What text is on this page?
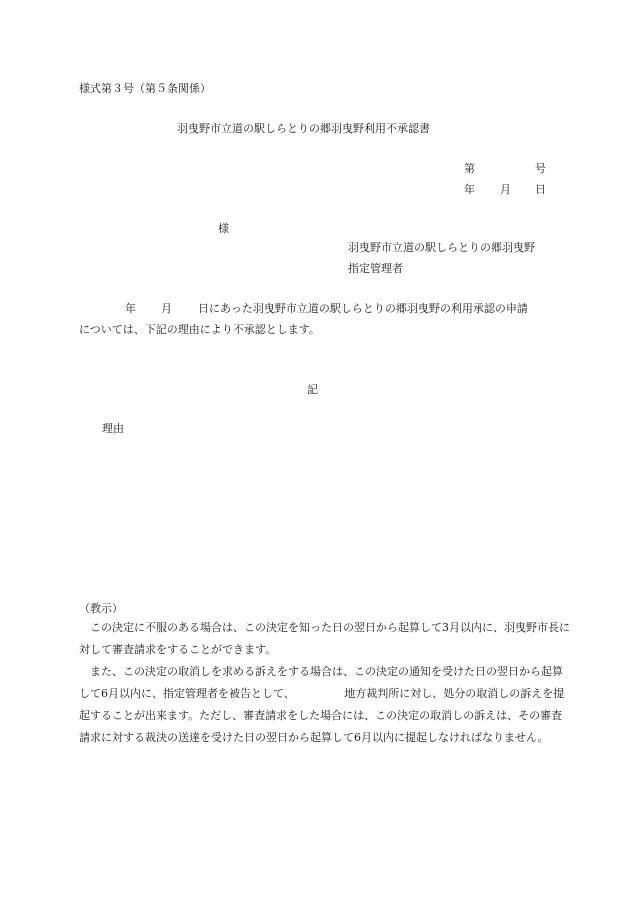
様式第３号（第５条関係）
羽曳野市立道の駅しらとりの郷羽曳野利用不承認書
第	号
年 月 日
様
羽曳野市立道の駅しらとりの郷羽曳野
指定管理者
年 月 日にあった羽曳野市立道の駅しらとりの郷羽曳野の利用承認の申請
については、下記の理由により不承認とします。
記
理由
（教示）
　この決定に不服のある場合は、この決定を知った日の翌日から起算して3月以内に、羽曳野市長に
対して審査請求をすることができます。
　また、この決定の取消しを求める訴えをする場合は、この決定の通知を受けた日の翌日から起算
して6月以内に、指定管理者を被告として、　　　　　地方裁判所に対し、処分の取消しの訴えを提
起することが出来ます。ただし、審査請求をした場合には、この決定の取消しの訴えは、その審査
請求に対する裁決の送達を受けた日の翌日から起算して6月以内に提起しなければなりません。
